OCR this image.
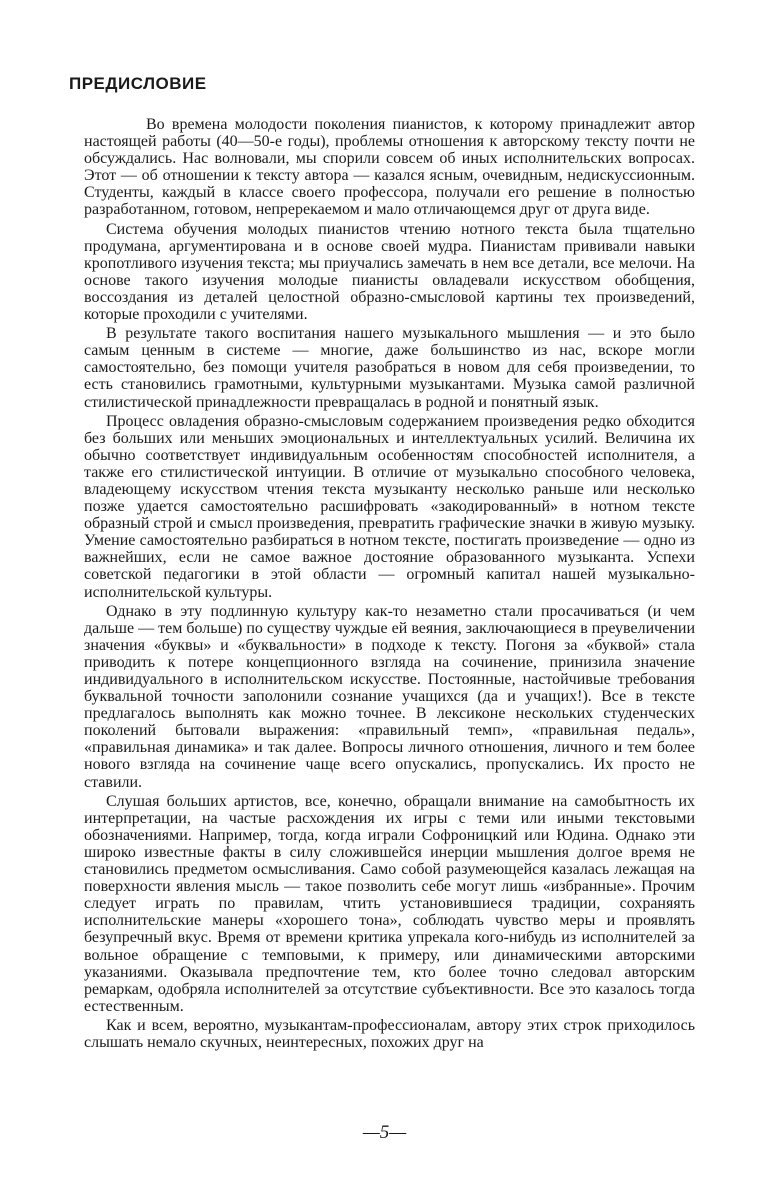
ПРЕДИСЛОВИЕ

Во времена молодости поколения пианистов, к которому принадлежит автор настоящей работы (40—50-е годы), проблемы отношения к авторскому тексту почти не обсуждались. Нас волновали, мы спорили совсем об иных исполнительских вопросах. Этот — об отношении к тексту автора — казался ясным, очевидным, недискуссионным. Студенты, каждый в классе своего профессора, получали его решение в полностью разработанном, готовом, непререкаемом и мало отличающемся друг от друга виде.

Система обучения молодых пианистов чтению нотного текста была тщательно продумана, аргументирована и в основе своей мудра. Пианистам прививали навыки кропотливого изучения текста; мы приучались замечать в нем все детали, все мелочи. На основе такого изучения молодые пианисты овладевали искусством обобщения, воссоздания из деталей целостной образно-смысловой картины тех произведений, которые проходили с учителями.

В результате такого воспитания нашего музыкального мышления — и это было самым ценным в системе — многие, даже большинство из нас, вскоре могли самостоятельно, без помощи учителя разобраться в новом для себя произведении, то есть становились грамотными, культурными музыкантами. Музыка самой различной стилистической принадлежности превращалась в родной и понятный язык.

Процесс овладения образно-смысловым содержанием произведения редко обходится без больших или меньших эмоциональных и интеллектуальных усилий. Величина их обычно соответствует индивидуальным особенностям способностей исполнителя, а также его стилистической интуиции. В отличие от музыкально способного человека, владеющему искусством чтения текста музыканту несколько раньше или несколько позже удается самостоятельно расшифровать «закодированный» в нотном тексте образный строй и смысл произведения, превратить графические значки в живую музыку. Умение самостоятельно разбираться в нотном тексте, постигать произведение — одно из важнейших, если не самое важное достояние образованного музыканта. Успехи советской педагогики в этой области — огромный капитал нашей музыкально-исполнительской культуры.

Однако в эту подлинную культуру как-то незаметно стали просачиваться (и чем дальше — тем больше) по существу чуждые ей веяния, заключающиеся в преувеличении значения «буквы» и «буквальности» в подходе к тексту. Погоня за «буквой» стала приводить к потере концепционного взгляда на сочинение, принизила значение индивидуального в исполнительском искусстве. Постоянные, настойчивые требования буквальной точности заполонили сознание учащихся (да и учащих!). Все в тексте предлагалось выполнять как можно точнее. В лексиконе нескольких студенческих поколений бытовали выражения: «правильный темп», «правильная педаль», «правильная динамика» и так далее. Вопросы личного отношения, личного и тем более нового взгляда на сочинение чаще всего опускались, пропускались. Их просто не ставили.

Слушая больших артистов, все, конечно, обращали внимание на самобытность их интерпретации, на частые расхождения их игры с теми или иными текстовыми обозначениями. Например, тогда, когда играли Софроницкий или Юдина. Однако эти широко известные факты в силу сложившейся инерции мышления долгое время не становились предметом осмысливания. Само собой разумеющейся казалась лежащая на поверхности явления мысль — такое позволить себе могут лишь «избранные». Прочим следует играть по правилам, чтить установившиеся традиции, сохраняять исполнительские манеры «хорошего тона», соблюдать чувство меры и проявлять безупречный вкус. Время от времени критика упрекала кого-нибудь из исполнителей за вольное обращение с темповыми, к примеру, или динамическими авторскими указаниями. Оказывала предпочтение тем, кто более точно следовал авторским ремаркам, одобряла исполнителей за отсутствие субъективности. Все это казалось тогда естественным.

Как и всем, вероятно, музыкантам-профессионалам, автору этих строк приходилось слышать немало скучных, неинтересных, похожих друг на

—5—
